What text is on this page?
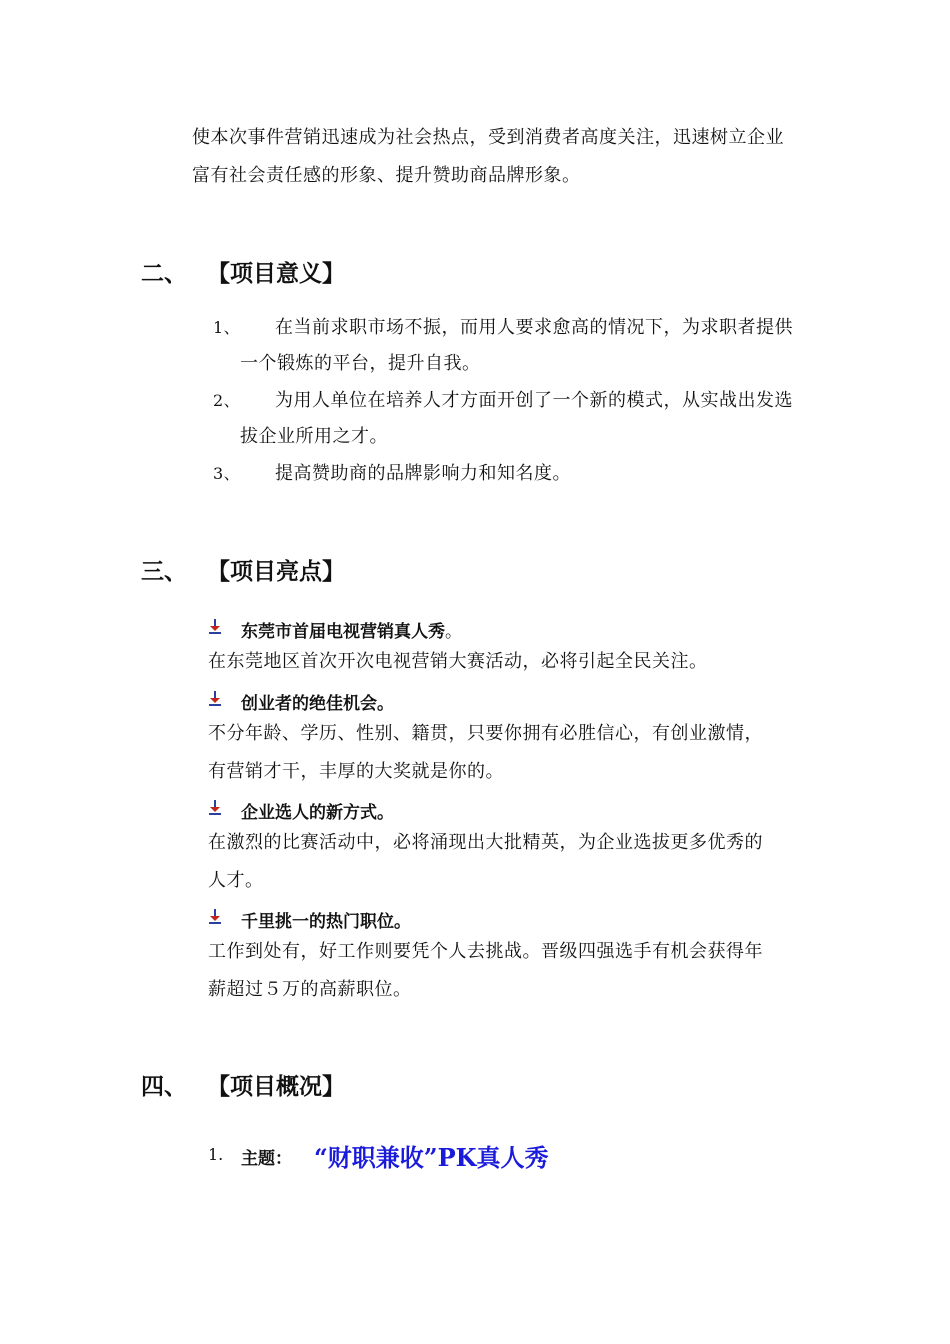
使本次事件营销迅速成为社会热点，受到消费者高度关注，迅速树立企业
富有社会责任感的形象、提升赞助商品牌形象。
二、 【项目意义】
1、 在当前求职市场不振，而用人要求愈高的情况下，为求职者提供
一个锻炼的平台，提升自我。
2、 为用人单位在培养人才方面开创了一个新的模式，从实战出发选
拔企业所用之才。
3、 提高赞助商的品牌影响力和知名度。
三、 【项目亮点】
东莞市首届电视营销真人秀。
在东莞地区首次开次电视营销大赛活动，必将引起全民关注。
创业者的绝佳机会。
不分年龄、学历、性别、籍贯，只要你拥有必胜信心，有创业激情，
有营销才干，丰厚的大奖就是你的。
企业选人的新方式。
在激烈的比赛活动中，必将涌现出大批精英，为企业选拔更多优秀的
人才。
千里挑一的热门职位。
工作到处有，好工作则要凭个人去挑战。晋级四强选手有机会获得年
薪超过５万的高薪职位。
四、 【项目概况】
1. 主题： “财职兼收”PK真人秀
